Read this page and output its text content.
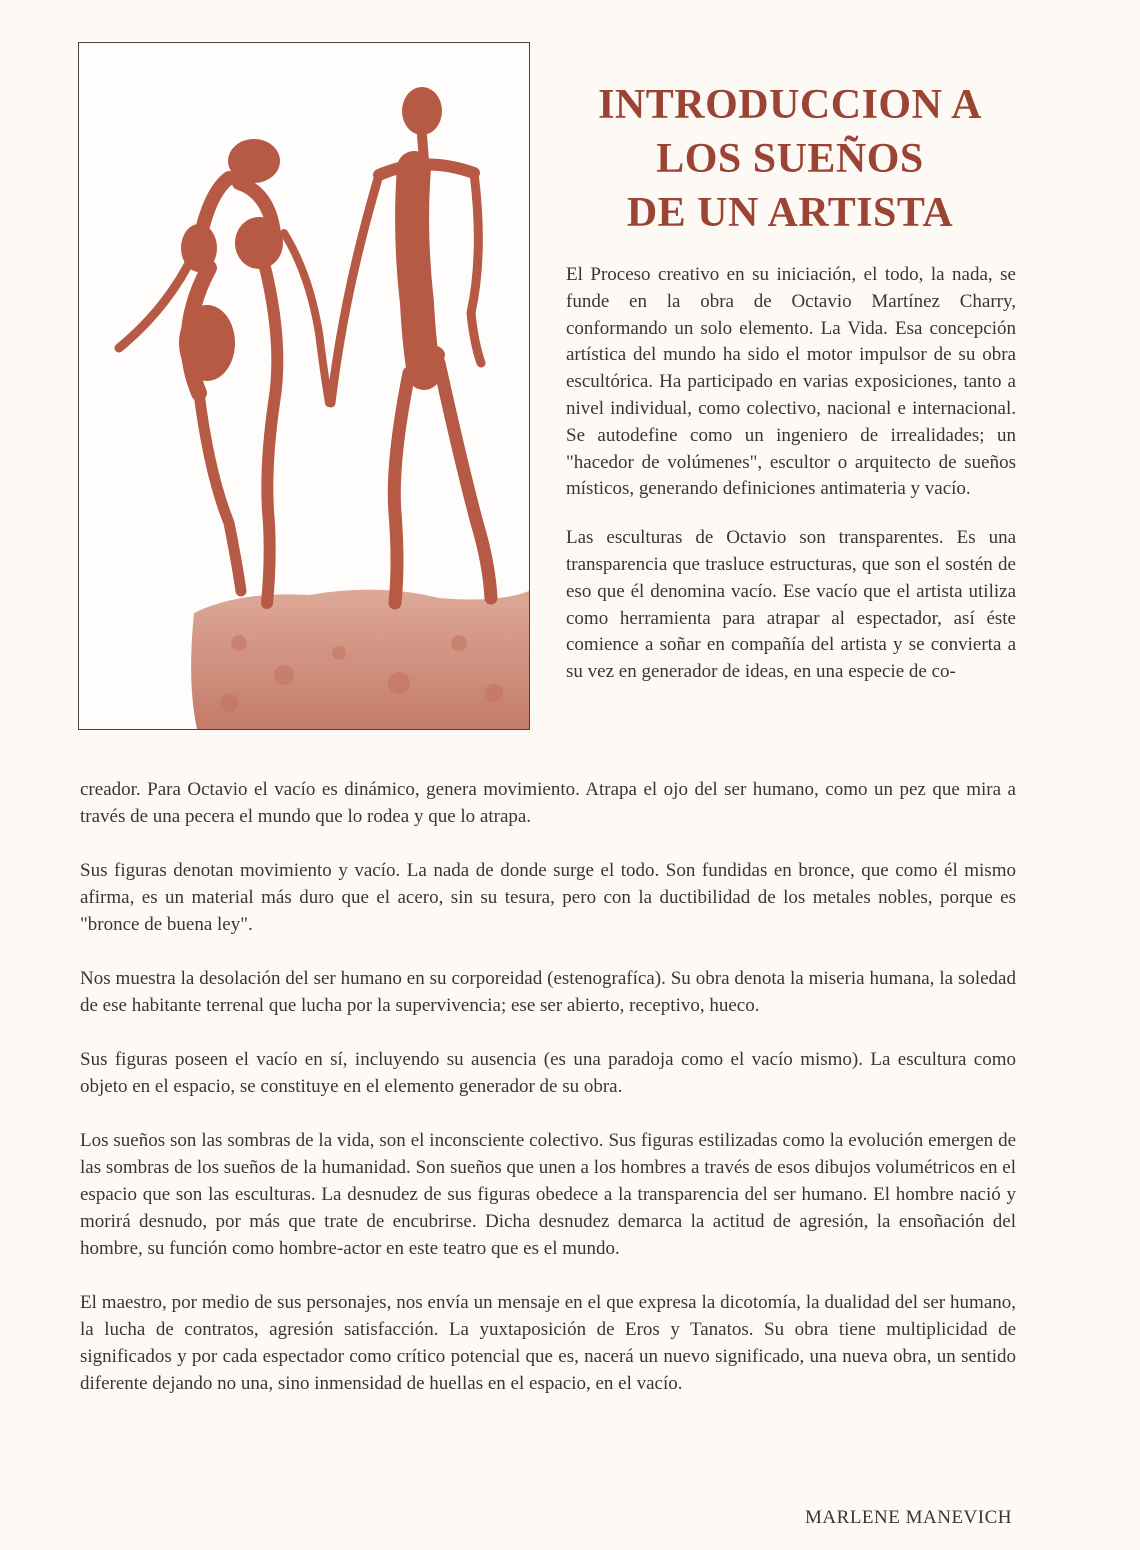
INTRODUCCION A
LOS SUEÑOS
DE UN ARTISTA

El Proceso creativo en su iniciación, el todo, la nada, se funde en la obra de Octavio Martínez Charry, conformando un solo elemento. La Vida. Esa concepción artística del mundo ha sido el motor impulsor de su obra escultórica. Ha participado en varias exposiciones, tanto a nivel individual, como colectivo, nacional e internacional. Se autodefine como un ingeniero de irrealidades; un "hacedor de volúmenes", escultor o arquitecto de sueños místicos, generando definiciones antimateria y vacío.

Las esculturas de Octavio son transparentes. Es una transparencia que trasluce estructuras, que son el sostén de eso que él denomina vacío. Ese vacío que el artista utiliza como herramienta para atrapar al espectador, así éste comience a soñar en compañía del artista y se convierta a su vez en generador de ideas, en una especie de co-

creador. Para Octavio el vacío es dinámico, genera movimiento. Atrapa el ojo del ser humano, como un pez que mira a través de una pecera el mundo que lo rodea y que lo atrapa.

Sus figuras denotan movimiento y vacío. La nada de donde surge el todo. Son fundidas en bronce, que como él mismo afirma, es un material más duro que el acero, sin su tesura, pero con la ductibilidad de los metales nobles, porque es "bronce de buena ley".

Nos muestra la desolación del ser humano en su corporeidad (estenografíca). Su obra denota la miseria humana, la soledad de ese habitante terrenal que lucha por la supervivencia; ese ser abierto, receptivo, hueco.

Sus figuras poseen el vacío en sí, incluyendo su ausencia (es una paradoja como el vacío mismo). La escultura como objeto en el espacio, se constituye en el elemento generador de su obra.

Los sueños son las sombras de la vida, son el inconsciente colectivo. Sus figuras estilizadas como la evolución emergen de las sombras de los sueños de la humanidad. Son sueños que unen a los hombres a través de esos dibujos volumétricos en el espacio que son las esculturas. La desnudez de sus figuras obedece a la transparencia del ser humano. El hombre nació y morirá desnudo, por más que trate de encubrirse. Dicha desnudez demarca la actitud de agresión, la ensoñación del hombre, su función como hombre-actor en este teatro que es el mundo.

El maestro, por medio de sus personajes, nos envía un mensaje en el que expresa la dicotomía, la dualidad del ser humano, la lucha de contratos, agresión satisfacción. La yuxtaposición de Eros y Tanatos. Su obra tiene multiplicidad de significados y por cada espectador como crítico potencial que es, nacerá un nuevo significado, una nueva obra, un sentido diferente dejando no una, sino inmensidad de huellas en el espacio, en el vacío.

MARLENE MANEVICH
